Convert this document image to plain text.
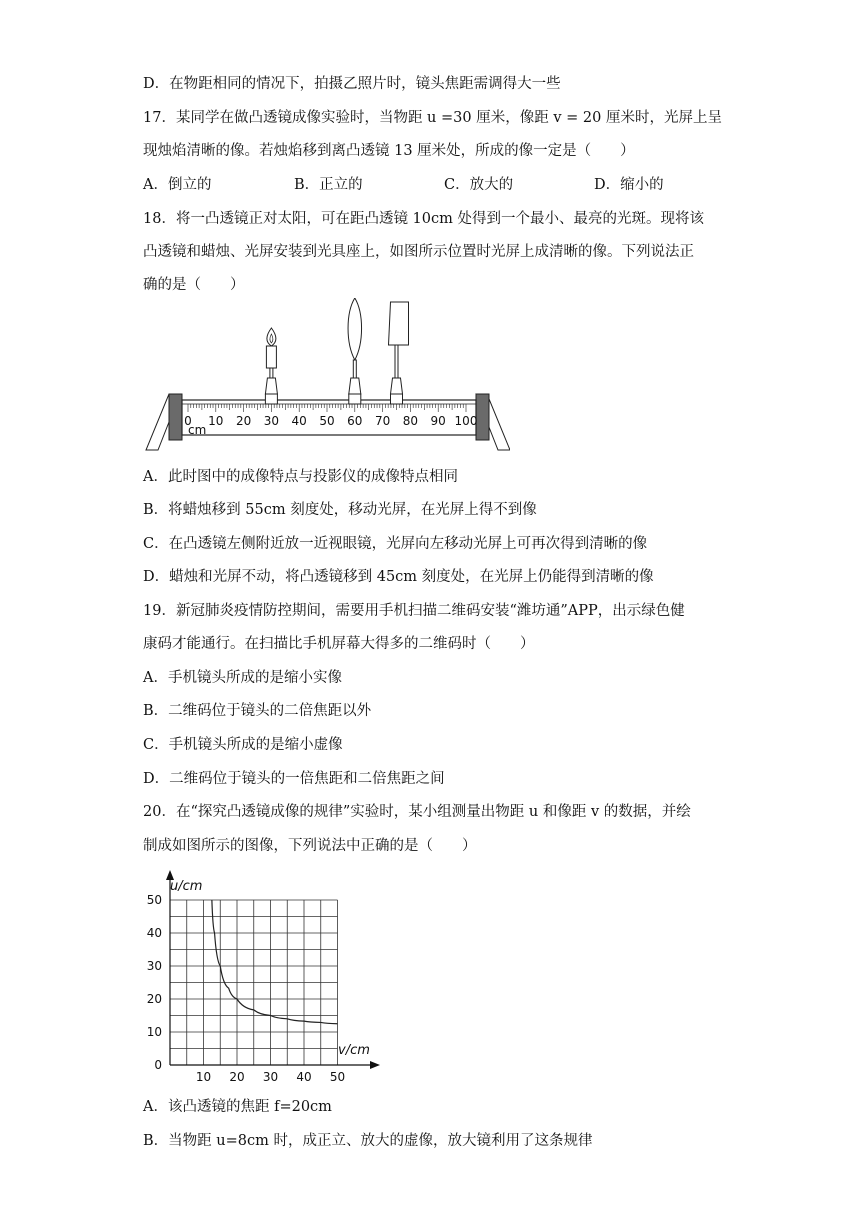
D．在物距相同的情况下，拍摄乙照片时，镜头焦距需调得大一些
17．某同学在做凸透镜成像实验时，当物距 u =30 厘米，像距 v = 20 厘米时，光屏上呈
现烛焰清晰的像。若烛焰移到离凸透镜 13 厘米处，所成的像一定是（　　）
A．倒立的	B．正立的	C．放大的	D．缩小的
18．将一凸透镜正对太阳，可在距凸透镜 10cm 处得到一个最小、最亮的光斑。现将该
凸透镜和蜡烛、光屏安装到光具座上，如图所示位置时光屏上成清晰的像。下列说法正
确的是（　　）
0 10 20 30 40 50 60 70 80 90 100
cm
A．此时图中的成像特点与投影仪的成像特点相同
B．将蜡烛移到 55cm 刻度处，移动光屏，在光屏上得不到像
C．在凸透镜左侧附近放一近视眼镜，光屏向左移动光屏上可再次得到清晰的像
D．蜡烛和光屏不动，将凸透镜移到 45cm 刻度处，在光屏上仍能得到清晰的像
19．新冠肺炎疫情防控期间，需要用手机扫描二维码安装“潍坊通”APP，出示绿色健
康码才能通行。在扫描比手机屏幕大得多的二维码时（　　）
A．手机镜头所成的是缩小实像
B．二维码位于镜头的二倍焦距以外
C．手机镜头所成的是缩小虚像
D．二维码位于镜头的一倍焦距和二倍焦距之间
20．在“探究凸透镜成像的规律”实验时，某小组测量出物距 u 和像距 v 的数据，并绘
制成如图所示的图像，下列说法中正确的是（　　）
0
10
20
30
40
50
10 20 30 40 50
u/cm
v/cm
A．该凸透镜的焦距 f=20cm
B．当物距 u=8cm 时，成正立、放大的虚像，放大镜利用了这条规律
